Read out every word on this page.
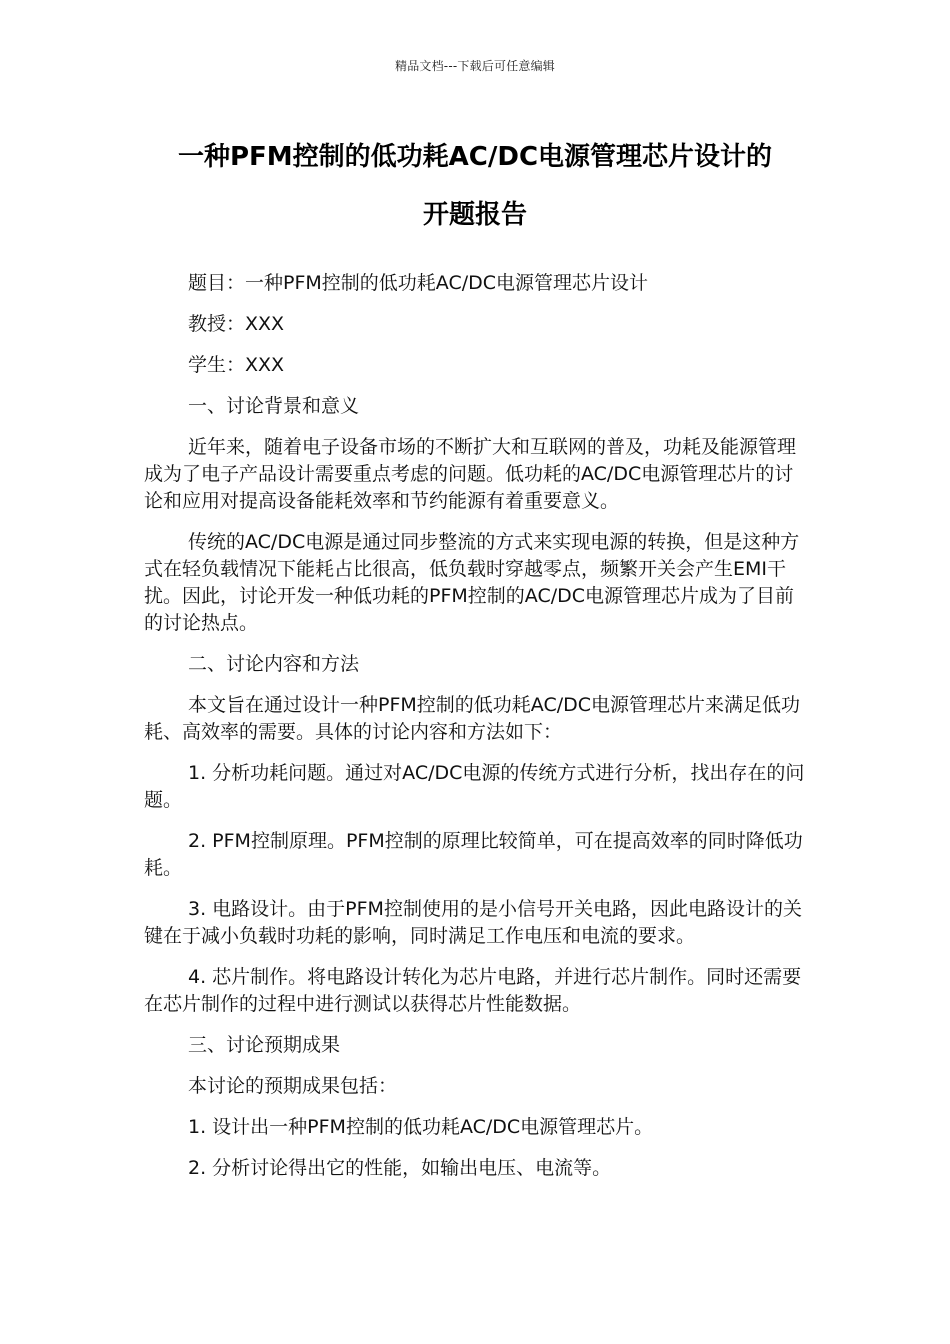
精品文档---下载后可任意编辑
一种PFM控制的低功耗AC/DC电源管理芯片设计的
开题报告

题目：一种PFM控制的低功耗AC/DC电源管理芯片设计

教授：XXX

学生：XXX

一、讨论背景和意义

近年来，随着电子设备市场的不断扩大和互联网的普及，功耗及能源管理成为了电子产品设计需要重点考虑的问题。低功耗的AC/DC电源管理芯片的讨论和应用对提高设备能耗效率和节约能源有着重要意义。

传统的AC/DC电源是通过同步整流的方式来实现电源的转换，但是这种方式在轻负载情况下能耗占比很高，低负载时穿越零点，频繁开关会产生EMI干扰。因此，讨论开发一种低功耗的PFM控制的AC/DC电源管理芯片成为了目前的讨论热点。

二、讨论内容和方法

本文旨在通过设计一种PFM控制的低功耗AC/DC电源管理芯片来满足低功耗、高效率的需要。具体的讨论内容和方法如下：

1. 分析功耗问题。通过对AC/DC电源的传统方式进行分析，找出存在的问题。

2. PFM控制原理。PFM控制的原理比较简单，可在提高效率的同时降低功耗。

3. 电路设计。由于PFM控制使用的是小信号开关电路，因此电路设计的关键在于减小负载时功耗的影响，同时满足工作电压和电流的要求。

4. 芯片制作。将电路设计转化为芯片电路，并进行芯片制作。同时还需要在芯片制作的过程中进行测试以获得芯片性能数据。

三、讨论预期成果

本讨论的预期成果包括：

1. 设计出一种PFM控制的低功耗AC/DC电源管理芯片。

2. 分析讨论得出它的性能，如输出电压、电流等。
